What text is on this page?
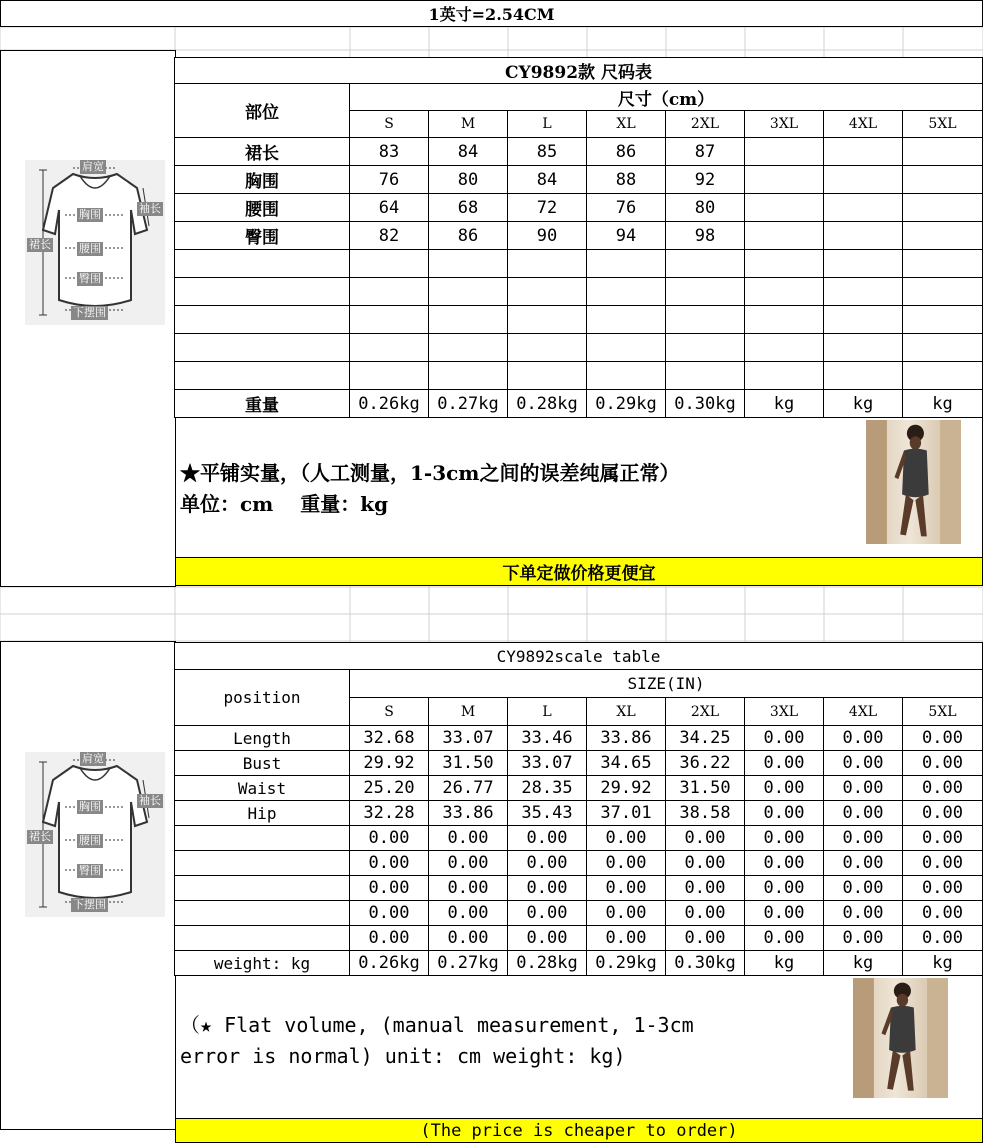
1英寸=2.54CM
CY9892款 尺码表
部位
尺寸（cm）
S	M	L	XL	2XL	3XL	4XL	5XL
裙长	83	84	85	86	87
胸围	76	80	84	88	92
腰围	64	68	72	76	80
臀围	82	86	90	94	98
重量	0.26kg	0.27kg	0.28kg	0.29kg	0.30kg	kg	kg	kg
★平铺实量，（人工测量，1-3cm之间的误差纯属正常）
单位：cm　 重量：kg
下单定做价格更便宜
CY9892scale table
position
SIZE(IN)
S	M	L	XL	2XL	3XL	4XL	5XL
Length	32.68	33.07	33.46	33.86	34.25	0.00	0.00	0.00
Bust	29.92	31.50	33.07	34.65	36.22	0.00	0.00	0.00
Waist	25.20	26.77	28.35	29.92	31.50	0.00	0.00	0.00
Hip	32.28	33.86	35.43	37.01	38.58	0.00	0.00	0.00
0.00	0.00	0.00	0.00	0.00	0.00	0.00	0.00
0.00	0.00	0.00	0.00	0.00	0.00	0.00	0.00
0.00	0.00	0.00	0.00	0.00	0.00	0.00	0.00
0.00	0.00	0.00	0.00	0.00	0.00	0.00	0.00
0.00	0.00	0.00	0.00	0.00	0.00	0.00	0.00
weight: kg	0.26kg	0.27kg	0.28kg	0.29kg	0.30kg	kg	kg	kg
（★ Flat volume, (manual measurement, 1-3cm
error is normal) unit: cm weight: kg)
(The price is cheaper to order)
肩宽
袖长
裙长
胸围
腰围
臀围
下摆围
肩宽
袖长
裙长
胸围
腰围
臀围
下摆围
